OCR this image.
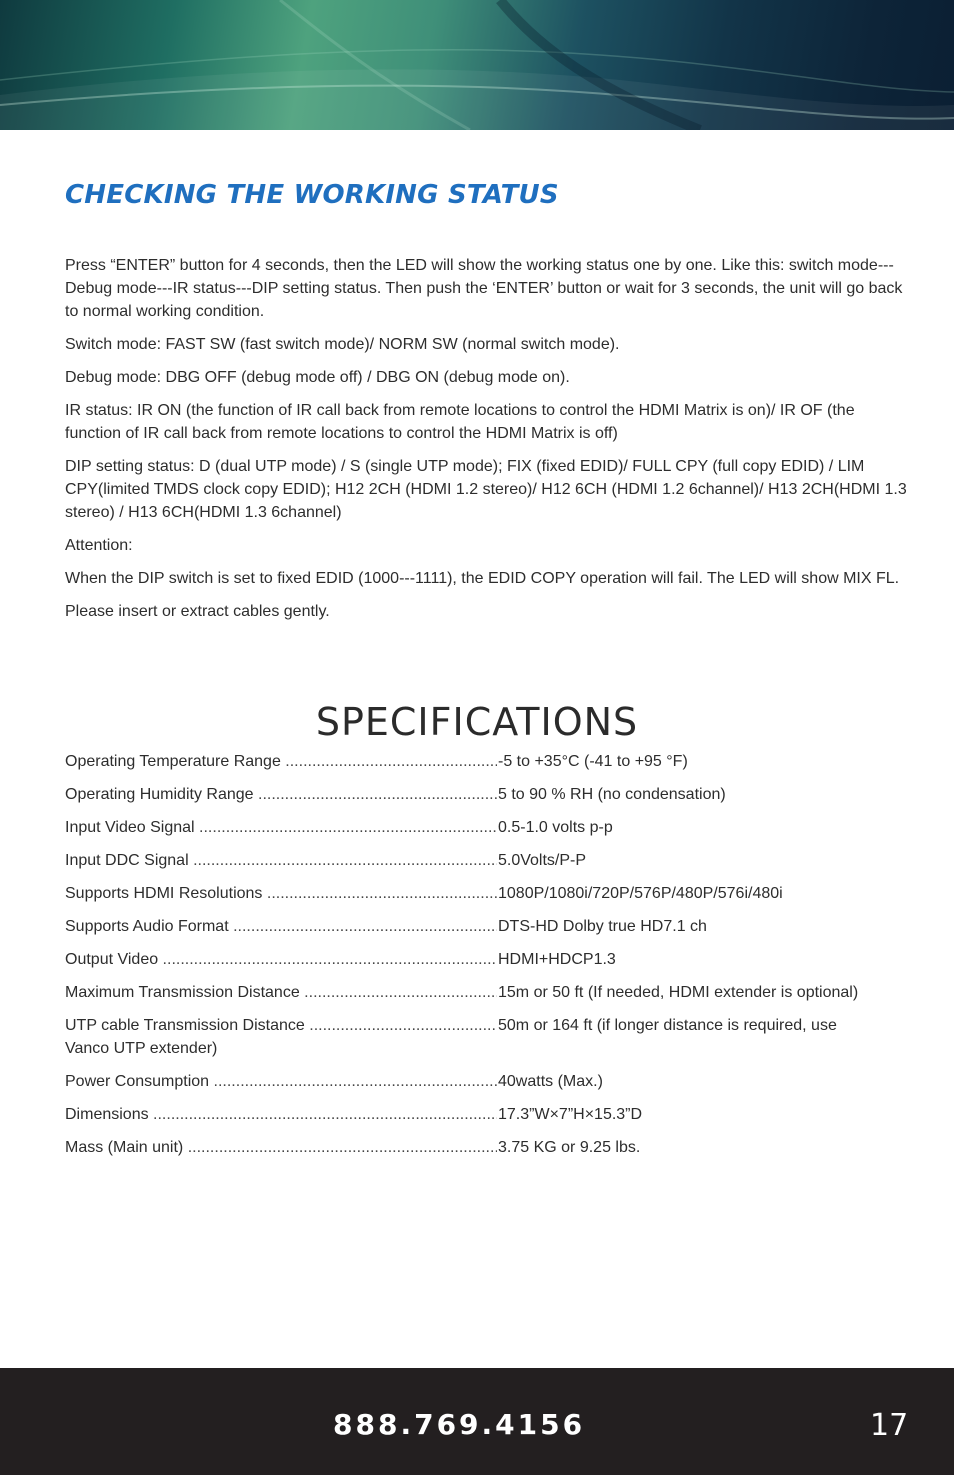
CHECKING THE WORKING STATUS

Press “ENTER” button for 4 seconds, then the LED will show the working status one by one. Like this: switch mode---Debug mode---IR status---DIP setting status. Then push the ‘ENTER’ button or wait for 3 seconds, the unit will go back to normal working condition.

Switch mode: FAST SW (fast switch mode)/ NORM SW (normal switch mode).

Debug mode: DBG OFF (debug mode off) / DBG ON (debug mode on).

IR status: IR ON (the function of IR call back from remote locations to control the HDMI Matrix is on)/ IR OF (the function of IR call back from remote locations to control the HDMI Matrix is off)

DIP setting status: D (dual UTP mode) / S (single UTP mode); FIX (fixed EDID)/ FULL CPY (full copy EDID) / LIM CPY(limited TMDS clock copy EDID); H12 2CH (HDMI 1.2 stereo)/ H12 6CH (HDMI 1.2 6channel)/ H13 2CH(HDMI 1.3 stereo) / H13 6CH(HDMI 1.3 6channel)

Attention:

When the DIP switch is set to fixed EDID (1000---1111), the EDID COPY operation will fail. The LED will show MIX FL.

Please insert or extract cables gently.

SPECIFICATIONS
Operating Temperature Range .....	-5 to +35°C (-41 to +95 °F)
Operating Humidity Range .....	5 to 90 % RH (no condensation)
Input Video Signal .....	0.5-1.0 volts p-p
Input DDC Signal .....	5.0Volts/P-P
Supports HDMI Resolutions .....	1080P/1080i/720P/576P/480P/576i/480i
Supports Audio Format .....	DTS-HD Dolby true HD7.1 ch
Output Video .....	HDMI+HDCP1.3
Maximum Transmission Distance .....	15m or 50 ft (If needed, HDMI extender is optional)
UTP cable Transmission Distance .....	50m or 164 ft (if longer distance is required, use
Vanco UTP extender)
Power Consumption .....	40watts (Max.)
Dimensions .....	17.3”W×7”H×15.3”D
Mass (Main unit) .....	3.75 KG or 9.25 lbs.
888.769.4156	17
